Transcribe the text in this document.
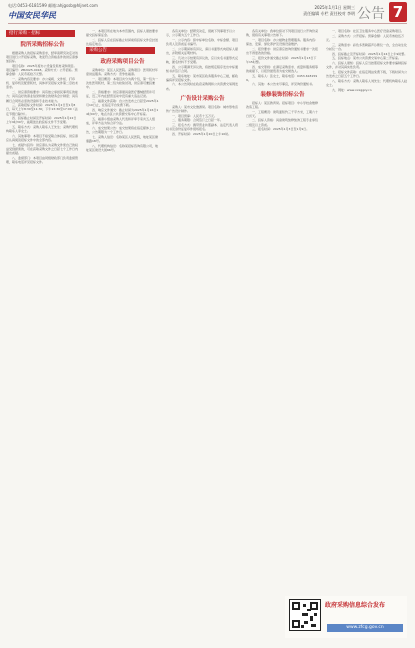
电话:0453-6181599 邮箱:ahjgssb@hljnet.com
中国安民华民
2025年1月1日 星期三
责任编辑 专栏 责任校对 李明 公告 7
招行采购 · 招标
院所采购招标公告

根据采购人的招标采购需求，经审查研究决定对该项目进行公开招标采购，欢迎符合资格条件的供应商参加投标。

项目名称：2025年度办公设备及耗材采购项目。项目编号：ZB2025-0018。采购方式：公开招标。预算金额：人民币贰拾万元整。

一、采购内容及要求：办公桌椅、文件柜、打印机、复印机及配套耗材，具体详见招标文件第二章技术需求。

二、供应商资格要求：具有独立承担民事责任的能力；具有良好的商业信誉和健全的财务会计制度；具有履行合同所必需的设备和专业技术能力。

三、获取招标文件时间：2025年1月2日至1月8日，每天上午8:30至11:30，下午13:30至17:00（法定节假日除外）。

四、投标截止时间及开标时间：2025年1月22日上午9时30分，逾期送达的投标文件不予受理。

五、联系方式：采购人联系人王先生；采购代理机构联系人李女士。

六、其他事项：本项目不接受联合体投标，供应商应认真阅读招标文件中的全部内容。

七、质疑与投诉：供应商认为采购文件使自己的权益受到损害的，可在获取采购文件之日起七个工作日内提出质疑。

八、监督部门：本项目由同级财政部门负责监督管理，联系电话详见招标文件。

一、本项目所在地为本市范围内，投标人须按要求提交投标保证金。

二、投标人应在投标截止时间前将投标文件密封送达指定地点。

采购公告
政府采购项目公告

采购单位：某区人民医院。采购项目：医用耗材年度供货服务。采购方式：竞争性磋商。

一、项目概况：本项目共分为两个包，第一包为一次性医用耗材，第二包为检验试剂，供应商可兼投兼中。

二、资格要求：供应商须具备医疗器械经营许可证，近三年内在经营活动中没有重大违法记录。

三、磋商文件获取：自公告发布之日起至2025年1月10日止，在指定平台免费下载。

四、响应文件递交：截止时间为2025年1月16日14时00分，地点为区公共资源交易中心开标室。

五、磋商小组由采购人代表和评审专家共五人组成，评审方法为综合评分法。

六、成交结果公告：成交结果将在指定媒体上公告，公告期限为一个工作日。

七、采购人信息：名称某区人民医院，地址某区健康路18号。

八、代理机构信息：名称某招标咨询有限公司，地址某区建设大街66号。

各有关单位：经研究决定，现就下列事项予以公示，公示期为五个工作日。

一、公示内容：拟中标单位名称、中标金额、项目负责人及资质证书编号。

二、公示期间如有异议，请以书面形式向招标人提出，并附相关证明材料。

三、凡对公示结果有异议的，应以实名书面形式反映，匿名材料不予受理。

四、公示期满无异议的，将按规定程序发出中标通知书并签订合同。

五、联系地址：某市某区政务服务中心三楼，邮政编码详见招标文件。

六、本公告同时在政府采购网和公共资源交易网发布。

广告设计采购公告

采购人：某市文化旅游局。项目名称：城市形象宣传广告设计制作。

一、项目预算：人民币十五万元。

二、服务期限：合同签订之日起一年。

三、报名方式：携带营业执照副本、法定代表人授权书及身份证复印件现场报名。

四、开标时间：2025年1月20日上午10时。

各有关单位：我单位拟对下列项目进行公开询价采购，现将有关事项公告如下。

一、项目名称：办公楼物业管理服务。服务内容：保洁、安保、绿化养护及设施设备维护。

二、报价要求：供应商应按询价通知书要求一次报出不得更改的价格。

三、报价文件递交截止时间：2025年1月13日下午15时整。

四、成交原则：在满足采购需求、质量和服务相等的前提下，以报价最低者为成交候选人。

五、联系人：张女士，联系电话：0453-6181599。

六、其他：本公告未尽事宜，详见询价通知书。

装修装饰招标公告

招标人：某区教育局。招标项目：中小学校舍维修改造工程。

一、工程概况：建筑面积约三千平方米，工期六十日历天。

二、投标人资格：具备建筑装修装饰工程专业承包二级及以上资质。

三、报名时间：2025年1月3日至1月9日。

一、项目名称：社区卫生服务中心医疗设备采购项目。

二、采购方式：公开招标。预算金额：人民币叁拾伍万元。

三、采购需求：彩色多普勒超声诊断仪一台，全自动生化分析仪一台。

四、投标截止及开标时间：2025年1月24日上午9时整。

五、投标地点：某市公共资源交易中心第二开标室。

六、投标人须知：投标人应当按照招标文件要求编制投标文件，并对其真实性负责。

七、招标文件获取：在指定网站免费下载，下载时间为公告发布之日起五个工作日。

八、联系方式：采购人联系人刘先生；代理机构联系人赵女士。

九、网址：www.xxxggzy.cn

政府采购信息综合发布
www.zfcg.gov.cn
